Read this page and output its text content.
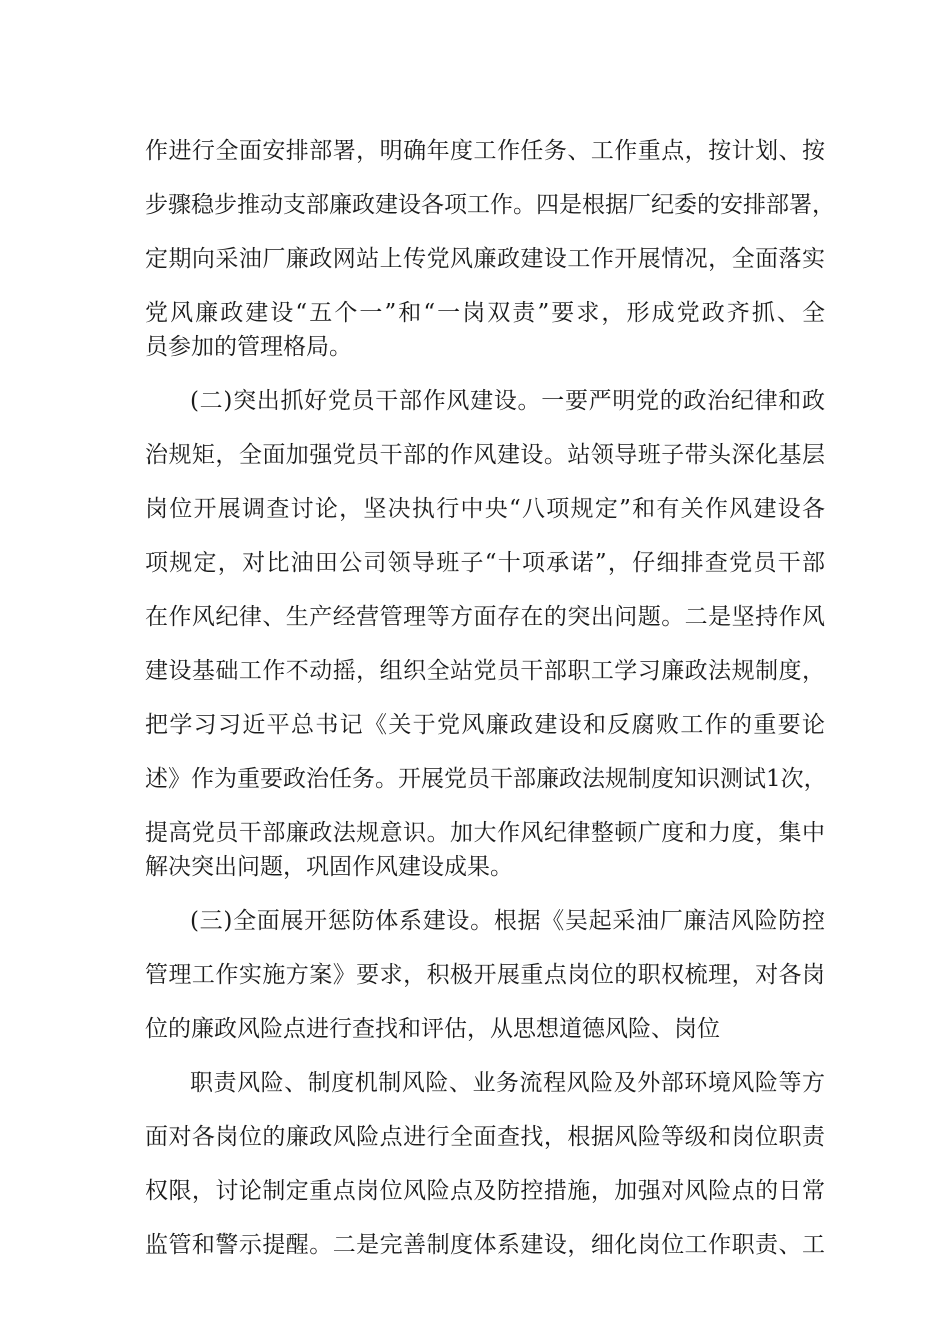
作进行全面安排部署，明确年度工作任务、工作重点，按计划、按
步骤稳步推动支部廉政建设各项工作。四是根据厂纪委的安排部署，
定期向采油厂廉政网站上传党风廉政建设工作开展情况，全面落实
党风廉政建设“五个一”和“一岗双责”要求，形成党政齐抓、全
员参加的管理格局。
(二)突出抓好党员干部作风建设。一要严明党的政治纪律和政
治规矩，全面加强党员干部的作风建设。站领导班子带头深化基层
岗位开展调查讨论，坚决执行中央“八项规定”和有关作风建设各
项规定，对比油田公司领导班子“十项承诺”，仔细排查党员干部
在作风纪律、生产经营管理等方面存在的突出问题。二是坚持作风
建设基础工作不动摇，组织全站党员干部职工学习廉政法规制度，
把学习习近平总书记《关于党风廉政建设和反腐败工作的重要论
述》作为重要政治任务。开展党员干部廉政法规制度知识测试1次，
提高党员干部廉政法规意识。加大作风纪律整顿广度和力度，集中
解决突出问题，巩固作风建设成果。
(三)全面展开惩防体系建设。根据《吴起采油厂廉洁风险防控
管理工作实施方案》要求，积极开展重点岗位的职权梳理，对各岗
位的廉政风险点进行查找和评估，从思想道德风险、岗位
职责风险、制度机制风险、业务流程风险及外部环境风险等方
面对各岗位的廉政风险点进行全面查找，根据风险等级和岗位职责
权限，讨论制定重点岗位风险点及防控措施，加强对风险点的日常
监管和警示提醒。二是完善制度体系建设，细化岗位工作职责、工
